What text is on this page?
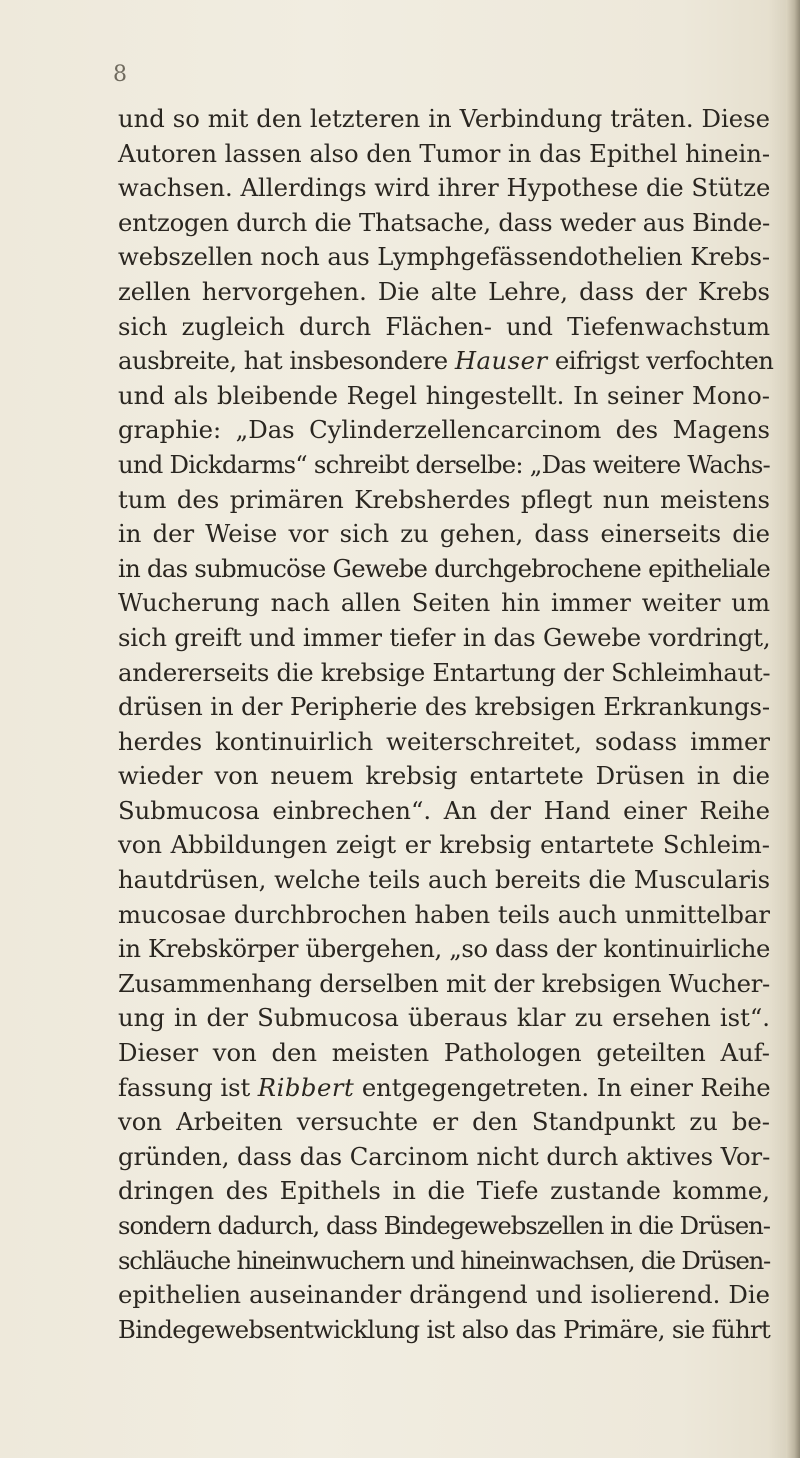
8
und so mit den letzteren in Verbindung träten. Diese
Autoren lassen also den Tumor in das Epithel hinein-
wachsen. Allerdings wird ihrer Hypothese die Stütze
entzogen durch die Thatsache, dass weder aus Binde-
webszellen noch aus Lymphgefässendothelien Krebs-
zellen hervorgehen. Die alte Lehre, dass der Krebs
sich zugleich durch Flächen- und Tiefenwachstum
ausbreite, hat insbesondere Hauser eifrigst verfochten
und als bleibende Regel hingestellt. In seiner Mono-
graphie: „Das Cylinderzellencarcinom des Magens
und Dickdarms“ schreibt derselbe: „Das weitere Wachs-
tum des primären Krebsherdes pflegt nun meistens
in der Weise vor sich zu gehen, dass einerseits die
in das submucöse Gewebe durchgebrochene epitheliale
Wucherung nach allen Seiten hin immer weiter um
sich greift und immer tiefer in das Gewebe vordringt,
andererseits die krebsige Entartung der Schleimhaut-
drüsen in der Peripherie des krebsigen Erkrankungs-
herdes kontinuirlich weiterschreitet, sodass immer
wieder von neuem krebsig entartete Drüsen in die
Submucosa einbrechen“. An der Hand einer Reihe
von Abbildungen zeigt er krebsig entartete Schleim-
hautdrüsen, welche teils auch bereits die Muscularis
mucosae durchbrochen haben teils auch unmittelbar
in Krebskörper übergehen, „so dass der kontinuirliche
Zusammenhang derselben mit der krebsigen Wucher-
ung in der Submucosa überaus klar zu ersehen ist“.
Dieser von den meisten Pathologen geteilten Auf-
fassung ist Ribbert entgegengetreten. In einer Reihe
von Arbeiten versuchte er den Standpunkt zu be-
gründen, dass das Carcinom nicht durch aktives Vor-
dringen des Epithels in die Tiefe zustande komme,
sondern dadurch, dass Bindegewebszellen in die Drüsen-
schläuche hineinwuchern und hineinwachsen, die Drüsen-
epithelien auseinander drängend und isolierend. Die
Bindegewebsentwicklung ist also das Primäre, sie führt
